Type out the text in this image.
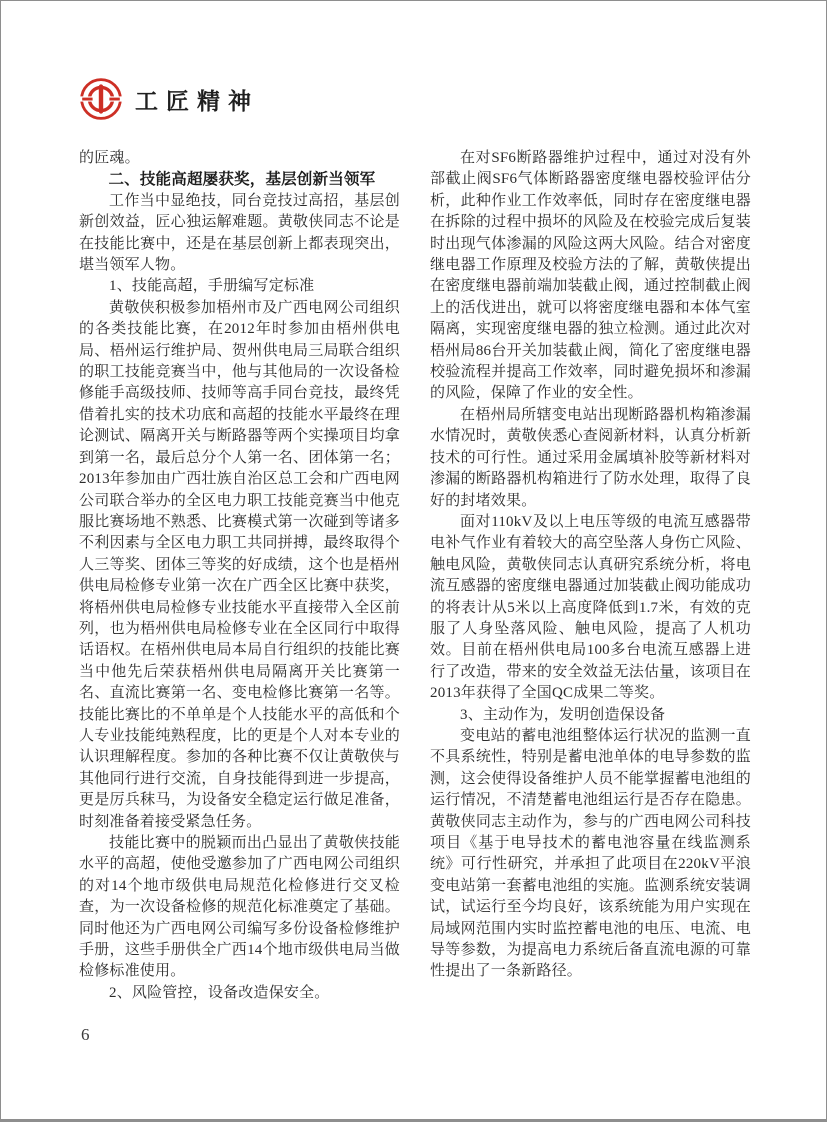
工匠精神

的匠魂。

二、技能高超屡获奖，基层创新当领军

工作当中显绝技，同台竞技过高招，基层创新创效益，匠心独运解难题。黄敬侠同志不论是在技能比赛中，还是在基层创新上都表现突出，堪当领军人物。

1、技能高超，手册编写定标准

黄敬侠积极参加梧州市及广西电网公司组织的各类技能比赛，在2012年时参加由梧州供电局、梧州运行维护局、贺州供电局三局联合组织的职工技能竞赛当中，他与其他局的一次设备检修能手高级技师、技师等高手同台竞技，最终凭借着扎实的技术功底和高超的技能水平最终在理论测试、隔离开关与断路器等两个实操项目均拿到第一名，最后总分个人第一名、团体第一名；2013年参加由广西壮族自治区总工会和广西电网公司联合举办的全区电力职工技能竞赛当中他克服比赛场地不熟悉、比赛模式第一次碰到等诸多不利因素与全区电力职工共同拼搏，最终取得个人三等奖、团体三等奖的好成绩，这个也是梧州供电局检修专业第一次在广西全区比赛中获奖，将梧州供电局检修专业技能水平直接带入全区前列，也为梧州供电局检修专业在全区同行中取得话语权。在梧州供电局本局自行组织的技能比赛当中他先后荣获梧州供电局隔离开关比赛第一名、直流比赛第一名、变电检修比赛第一名等。技能比赛比的不单单是个人技能水平的高低和个人专业技能纯熟程度，比的更是个人对本专业的认识理解程度。参加的各种比赛不仅让黄敬侠与其他同行进行交流，自身技能得到进一步提高，更是厉兵秣马，为设备安全稳定运行做足准备，时刻准备着接受紧急任务。

技能比赛中的脱颖而出凸显出了黄敬侠技能水平的高超，使他受邀参加了广西电网公司组织的对14个地市级供电局规范化检修进行交叉检查，为一次设备检修的规范化标准奠定了基础。同时他还为广西电网公司编写多份设备检修维护手册，这些手册供全广西14个地市级供电局当做检修标准使用。

2、风险管控，设备改造保安全。

在对SF6断路器维护过程中，通过对没有外部截止阀SF6气体断路器密度继电器校验评估分析，此种作业工作效率低，同时存在密度继电器在拆除的过程中损坏的风险及在校验完成后复装时出现气体渗漏的风险这两大风险。结合对密度继电器工作原理及校验方法的了解，黄敬侠提出在密度继电器前端加装截止阀，通过控制截止阀上的活伐进出，就可以将密度继电器和本体气室隔离，实现密度继电器的独立检测。通过此次对梧州局86台开关加装截止阀，简化了密度继电器校验流程并提高工作效率，同时避免损坏和渗漏的风险，保障了作业的安全性。

在梧州局所辖变电站出现断路器机构箱渗漏水情况时，黄敬侠悉心查阅新材料，认真分析新技术的可行性。通过采用金属填补胶等新材料对渗漏的断路器机构箱进行了防水处理，取得了良好的封堵效果。

面对110kV及以上电压等级的电流互感器带电补气作业有着较大的高空坠落人身伤亡风险、触电风险，黄敬侠同志认真研究系统分析，将电流互感器的密度继电器通过加装截止阀功能成功的将表计从5米以上高度降低到1.7米，有效的克服了人身坠落风险、触电风险，提高了人机功效。目前在梧州供电局100多台电流互感器上进行了改造，带来的安全效益无法估量，该项目在2013年获得了全国QC成果二等奖。

3、主动作为，发明创造保设备

变电站的蓄电池组整体运行状况的监测一直不具系统性，特别是蓄电池单体的电导参数的监测，这会使得设备维护人员不能掌握蓄电池组的运行情况，不清楚蓄电池组运行是否存在隐患。黄敬侠同志主动作为，参与的广西电网公司科技项目《基于电导技术的蓄电池容量在线监测系统》可行性研究，并承担了此项目在220kV平浪变电站第一套蓄电池组的实施。监测系统安装调试，试运行至今均良好，该系统能为用户实现在局域网范围内实时监控蓄电池的电压、电流、电导等参数，为提高电力系统后备直流电源的可靠性提出了一条新路径。

6
